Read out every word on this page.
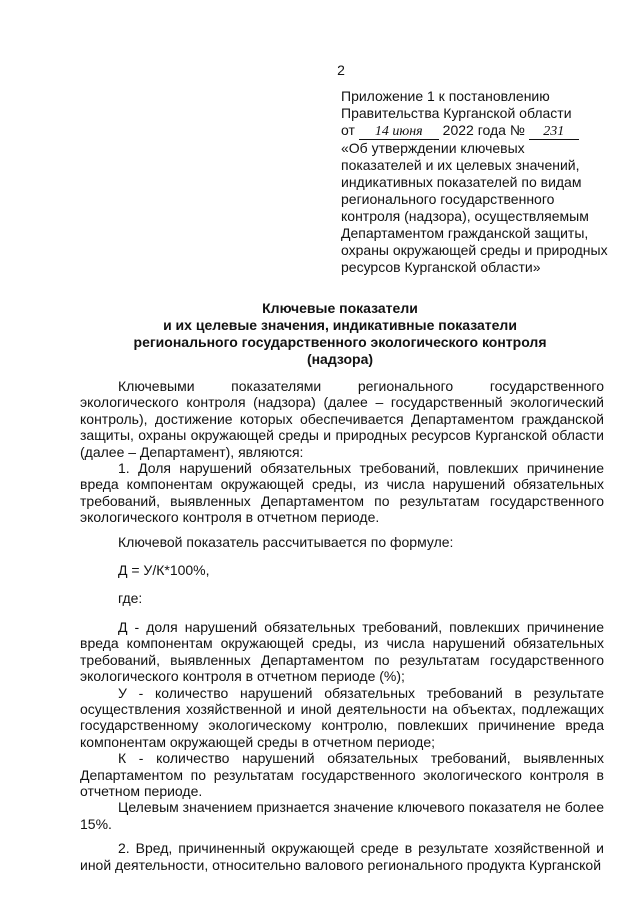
2
Приложение 1 к постановлению
Правительства Курганской области
от 14 июня 2022 года № 231
«Об утверждении ключевых
показателей и их целевых значений,
индикативных показателей по видам
регионального государственного
контроля (надзора), осуществляемым
Департаментом гражданской защиты,
охраны окружающей среды и природных
ресурсов Курганской области»
Ключевые показатели
и их целевые значения, индикативные показатели
регионального государственного экологического контроля
(надзора)

Ключевыми показателями регионального государственного экологического контроля (надзора) (далее – государственный экологический контроль), достижение которых обеспечивается Департаментом гражданской защиты, охраны окружающей среды и природных ресурсов Курганской области (далее – Департамент), являются:

1. Доля нарушений обязательных требований, повлекших причинение вреда компонентам окружающей среды, из числа нарушений обязательных требований, выявленных Департаментом по результатам государственного экологического контроля в отчетном периоде.

Ключевой показатель рассчитывается по формуле:

Д = У/К*100%,

где:

Д - доля нарушений обязательных требований, повлекших причинение вреда компонентам окружающей среды, из числа нарушений обязательных требований, выявленных Департаментом по результатам государственного экологического контроля в отчетном периоде (%);

У - количество нарушений обязательных требований в результате осуществления хозяйственной и иной деятельности на объектах, подлежащих государственному экологическому контролю, повлекших причинение вреда компонентам окружающей среды в отчетном периоде;

К - количество нарушений обязательных требований, выявленных Департаментом по результатам государственного экологического контроля в отчетном периоде.

Целевым значением признается значение ключевого показателя не более 15%.

2. Вред, причиненный окружающей среде в результате хозяйственной и иной деятельности, относительно валового регионального продукта Курганской
